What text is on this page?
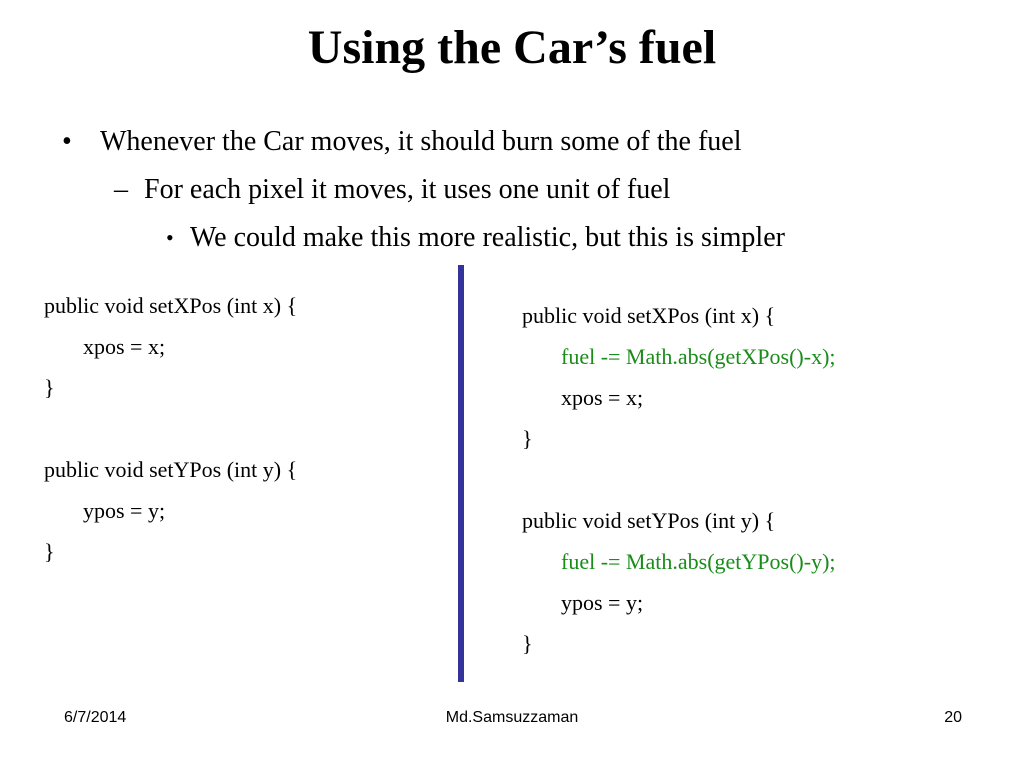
Using the Car’s fuel
• Whenever the Car moves, it should burn some of the fuel
– For each pixel it moves, it uses one unit of fuel
• We could make this more realistic, but this is simpler
public void setXPos (int x) {
xpos = x;
}
public void setYPos (int y) {
ypos = y;
}
public void setXPos (int x) {
fuel -= Math.abs(getXPos()-x);
xpos = x;
}
public void setYPos (int y) {
fuel -= Math.abs(getYPos()-y);
ypos = y;
}
6/7/2014	Md.Samsuzzaman	20
